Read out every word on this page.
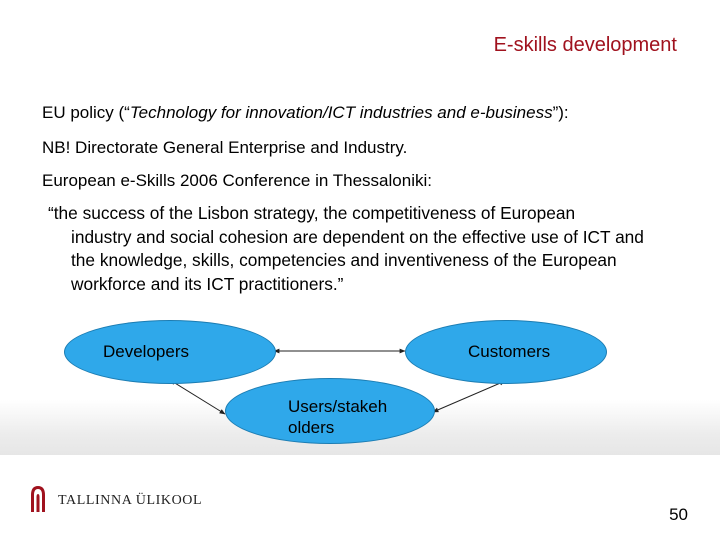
E-skills development
EU policy (“Technology for innovation/ICT industries and e-business”):
NB! Directorate General Enterprise and Industry.
European e-Skills 2006 Conference in Thessaloniki:
“the success of the Lisbon strategy, the competitiveness of European
industry and social cohesion are dependent on the effective use of ICT and the knowledge, skills, competencies and inventiveness of the European workforce and its ICT practitioners.”
Developers	Customers
Users/stakeh
olders
TALLINNA ÜLIKOOL
50
